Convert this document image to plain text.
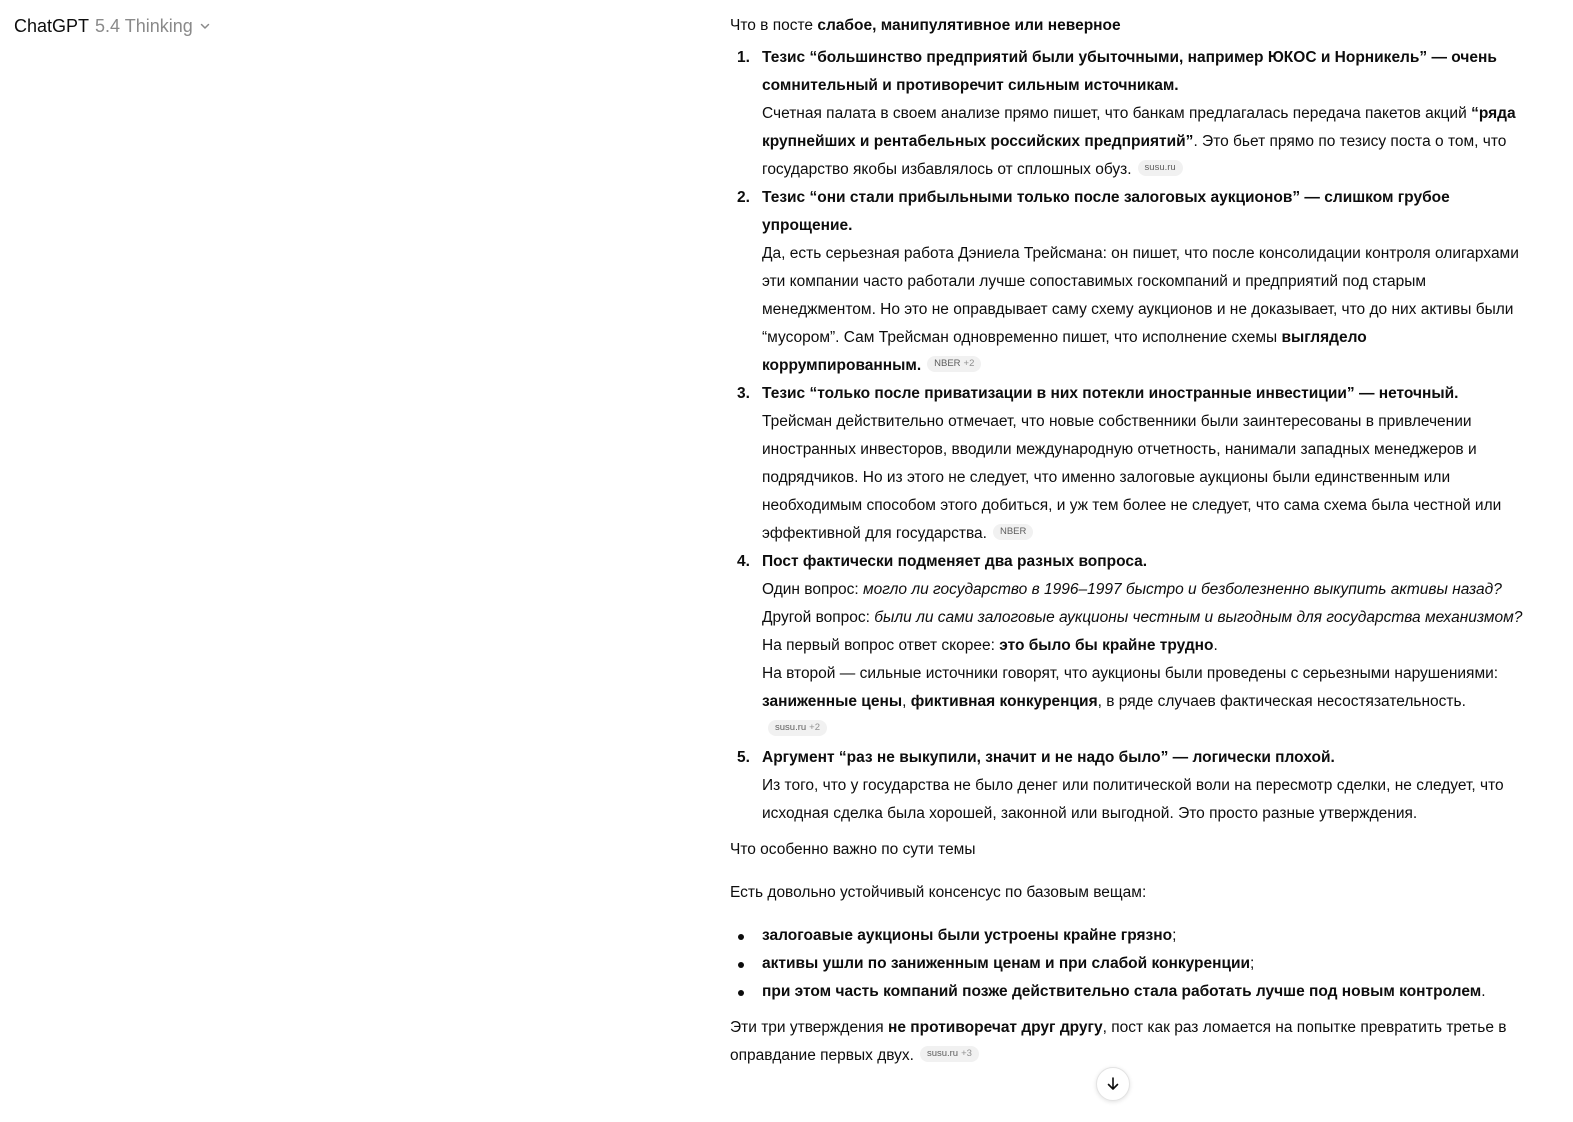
ChatGPT 5.4 Thinking	Что в посте слабое, манипулятивное или неверное

1. Тезис “большинство предприятий были убыточными, например ЮКОС и Норникель” — очень сомнительный и противоречит сильным источникам.

Счетная палата в своем анализе прямо пишет, что банкам предлагалась передача пакетов акций “ряда крупнейших и рентабельных российских предприятий”. Это бьет прямо по тезису поста о том, что государство якобы избавлялось от сплошных обуз. susu.ru

2. Тезис “они стали прибыльными только после залоговых аукционов” — слишком грубое упрощение.

Да, есть серьезная работа Дэниела Трейсмана: он пишет, что после консолидации контроля олигархами эти компании часто работали лучше сопоставимых госкомпаний и предприятий под старым менеджментом. Но это не оправдывает саму схему аукционов и не доказывает, что до них активы были “мусором”. Сам Трейсман одновременно пишет, что исполнение схемы выглядело коррумпированным. NBER +2

3. Тезис “только после приватизации в них потекли иностранные инвестиции” — неточный.

Трейсман действительно отмечает, что новые собственники были заинтересованы в привлечении иностранных инвесторов, вводили международную отчетность, нанимали западных менеджеров и подрядчиков. Но из этого не следует, что именно залоговые аукционы были единственным или необходимым способом этого добиться, и уж тем более не следует, что сама схема была честной или эффективной для государства. NBER

4. Пост фактически подменяет два разных вопроса.

Один вопрос: могло ли государство в 1996–1997 быстро и безболезненно выкупить активы назад?

Другой вопрос: были ли сами залоговые аукционы честным и выгодным для государства механизмом?

На первый вопрос ответ скорее: это было бы крайне трудно.

На второй — сильные источники говорят, что аукционы были проведены с серьезными нарушениями: заниженные цены, фиктивная конкуренция, в ряде случаев фактическая несостязательность.susu.ru +2

5. Аргумент “раз не выкупили, значит и не надо было” — логически плохой.

Из того, что у государства не было денег или политической воли на пересмотр сделки, не следует, что исходная сделка была хорошей, законной или выгодной. Это просто разные утверждения.

Что особенно важно по сути темы

Есть довольно устойчивый консенсус по базовым вещам:

залогоавые аукционы были устроены крайне грязно;
активы ушли по заниженным ценам и при слабой конкуренции;
при этом часть компаний позже действительно стала работать лучше под новым контролем.

Эти три утверждения не противоречат друг другу, пост как раз ломается на попытке превратить третье в оправдание первых двух. susu.ru +3
